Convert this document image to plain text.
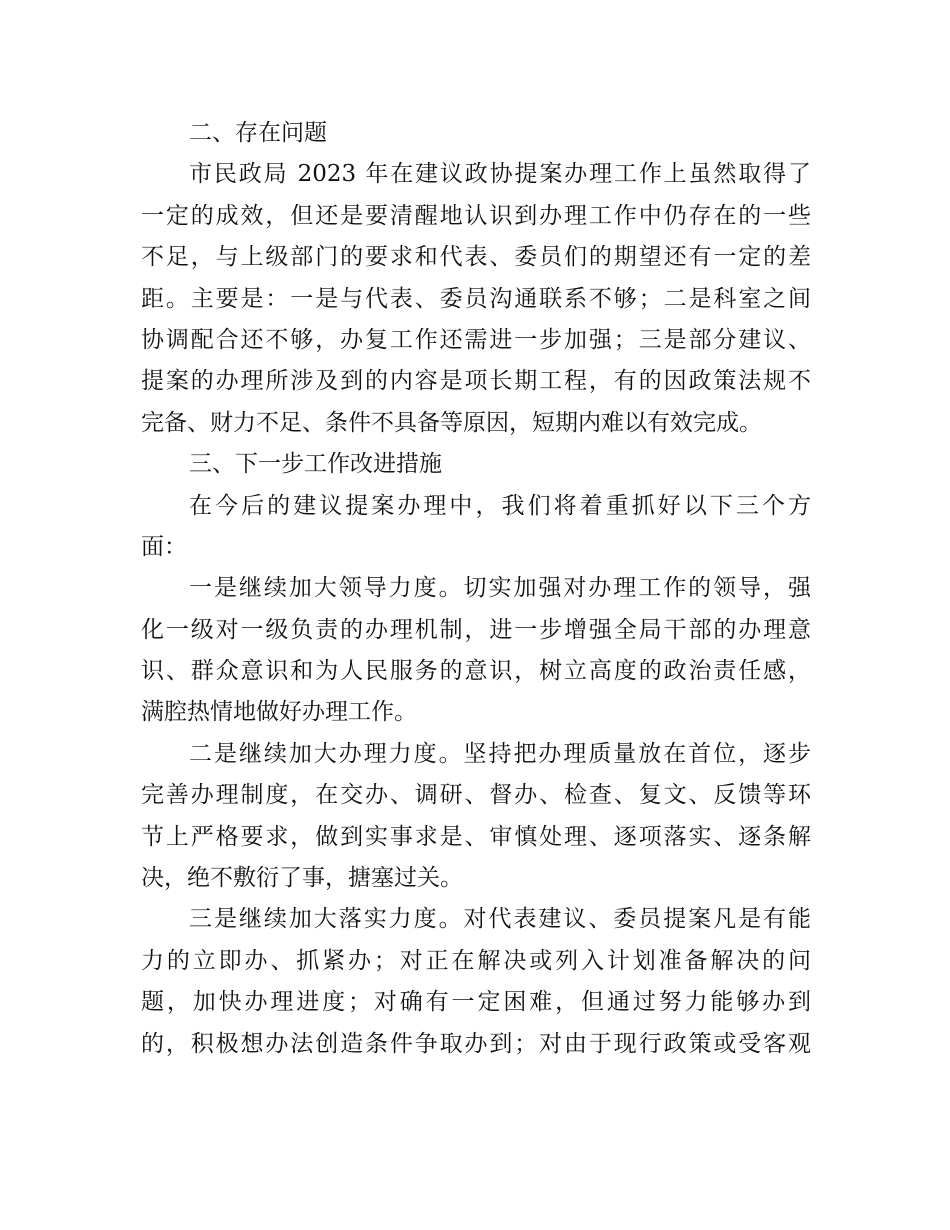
二、存在问题
市民政局 2023 年在建议政协提案办理工作上虽然取得了
一定的成效，但还是要清醒地认识到办理工作中仍存在的一些
不足，与上级部门的要求和代表、委员们的期望还有一定的差
距。主要是：一是与代表、委员沟通联系不够；二是科室之间
协调配合还不够，办复工作还需进一步加强；三是部分建议、
提案的办理所涉及到的内容是项长期工程，有的因政策法规不
完备、财力不足、条件不具备等原因，短期内难以有效完成。
三、下一步工作改进措施
在今后的建议提案办理中，我们将着重抓好以下三个方
面：
一是继续加大领导力度。切实加强对办理工作的领导，强
化一级对一级负责的办理机制，进一步增强全局干部的办理意
识、群众意识和为人民服务的意识，树立高度的政治责任感，
满腔热情地做好办理工作。
二是继续加大办理力度。坚持把办理质量放在首位，逐步
完善办理制度，在交办、调研、督办、检查、复文、反馈等环
节上严格要求，做到实事求是、审慎处理、逐项落实、逐条解
决，绝不敷衍了事，搪塞过关。
三是继续加大落实力度。对代表建议、委员提案凡是有能
力的立即办、抓紧办；对正在解决或列入计划准备解决的问
题，加快办理进度；对确有一定困难，但通过努力能够办到
的，积极想办法创造条件争取办到；对由于现行政策或受客观
